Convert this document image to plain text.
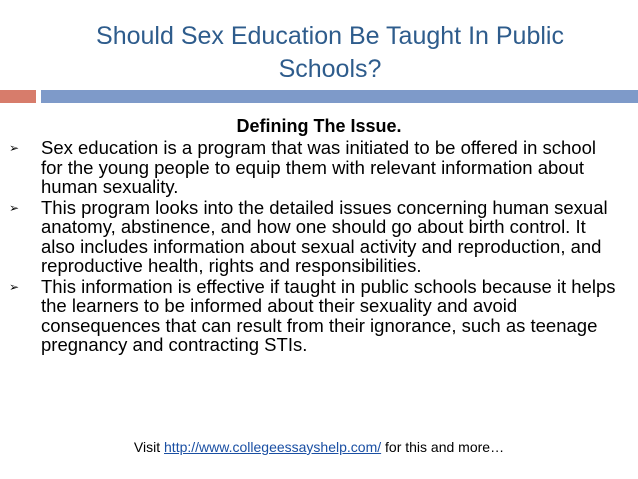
Should Sex Education Be Taught In Public Schools?
Defining The Issue.
➢ Sex education is a program that was initiated to be offered in school for the young people to equip them with relevant information about human sexuality.
➢ This program looks into the detailed issues concerning human sexual anatomy, abstinence, and how one should go about birth control. It also includes information about sexual activity and reproduction, and reproductive health, rights and responsibilities.
➢ This information is effective if taught in public schools because it helps the learners to be informed about their sexuality and avoid consequences that can result from their ignorance, such as teenage pregnancy and contracting STIs.
Visit http://www.collegeessayshelp.com/ for this and more…
